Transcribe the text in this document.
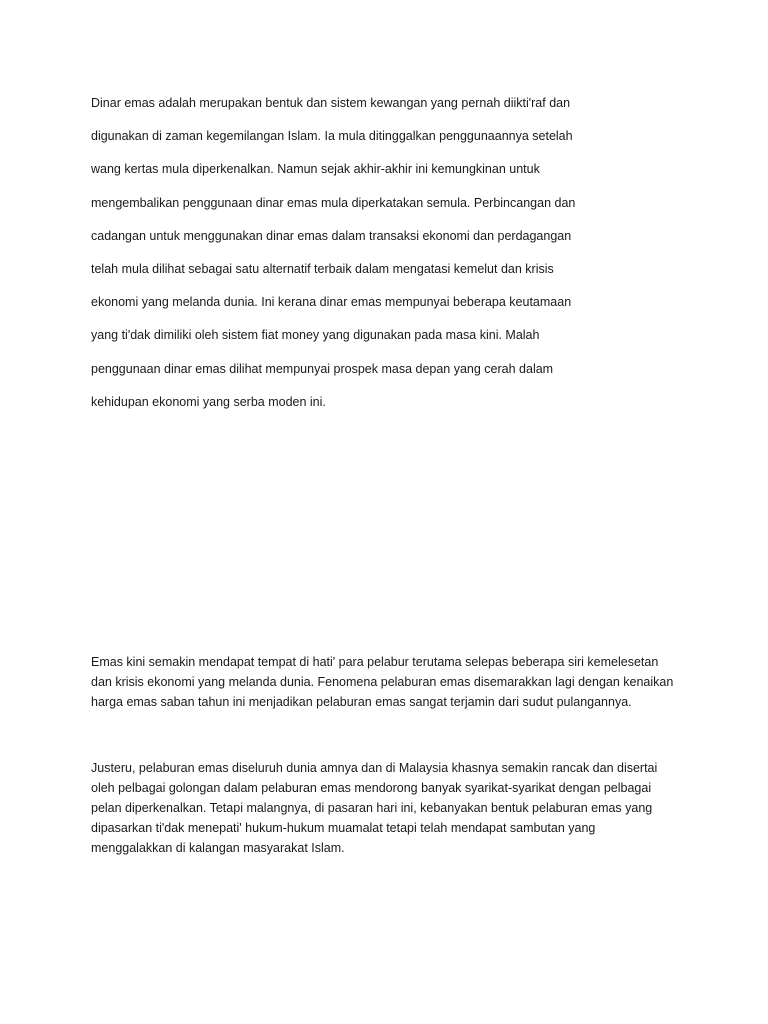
Dinar emas adalah merupakan bentuk dan sistem kewangan yang pernah diikti'raf dan
digunakan di zaman kegemilangan Islam. Ia mula ditinggalkan penggunaannya setelah
wang kertas mula diperkenalkan. Namun sejak akhir-akhir ini kemungkinan untuk
mengembalikan penggunaan dinar emas mula diperkatakan semula. Perbincangan dan
cadangan untuk menggunakan dinar emas dalam transaksi ekonomi dan perdagangan
telah mula dilihat sebagai satu alternatif terbaik dalam mengatasi kemelut dan krisis
ekonomi yang melanda dunia. Ini kerana dinar emas mempunyai beberapa keutamaan
yang ti'dak dimiliki oleh sistem fiat money yang digunakan pada masa kini. Malah
penggunaan dinar emas dilihat mempunyai prospek masa depan yang cerah dalam
kehidupan ekonomi yang serba moden ini.

Emas kini semakin mendapat tempat di hati' para pelabur terutama selepas beberapa siri kemelesetan
dan krisis ekonomi yang melanda dunia. Fenomena pelaburan emas disemarakkan lagi dengan kenaikan
harga emas saban tahun ini menjadikan pelaburan emas sangat terjamin dari sudut pulangannya.

Justeru, pelaburan emas diseluruh dunia amnya dan di Malaysia khasnya semakin rancak dan disertai
oleh pelbagai golongan dalam pelaburan emas mendorong banyak syarikat-syarikat dengan pelbagai
pelan diperkenalkan. Tetapi malangnya, di pasaran hari ini, kebanyakan bentuk pelaburan emas yang
dipasarkan ti'dak menepati' hukum-hukum muamalat tetapi telah mendapat sambutan yang
menggalakkan di kalangan masyarakat Islam.
